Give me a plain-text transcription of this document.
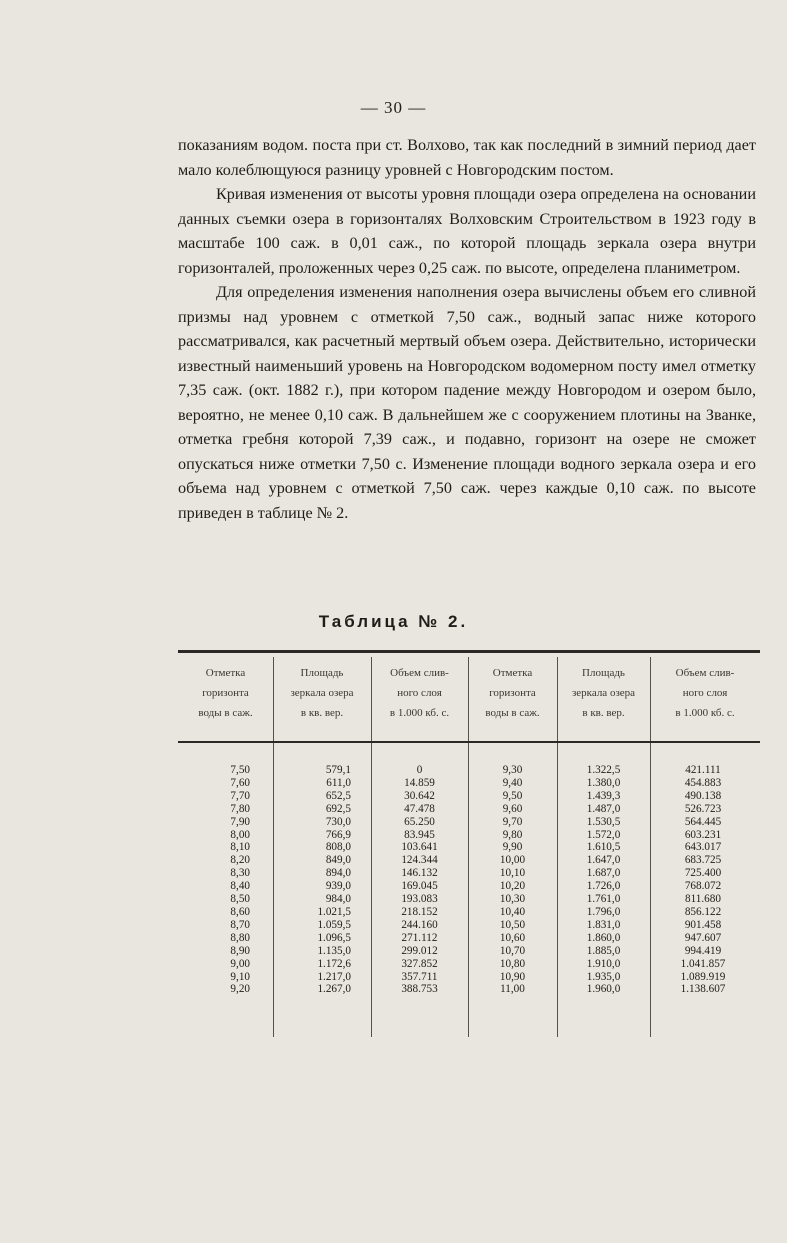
— 30 —

показаниям водом. поста при ст. Волхово, так как последний в зимний период дает мало колеблющуюся разницу уровней с Новгородским постом.

Кривая изменения от высоты уровня площади озера определена на основании данных съемки озера в горизонталях Волховским Строительством в 1923 году в масштабе 100 саж. в 0,01 саж., по которой площадь зеркала озера внутри горизонталей, проложенных через 0,25 саж. по высоте, определена планиметром.

Для определения изменения наполнения озера вычислены объем его сливной призмы над уровнем с отметкой 7,50 саж., водный запас ниже которого рассматривался, как расчетный мертвый объем озера. Действительно, исторически известный наименьший уровень на Новгородском водомерном посту имел отметку 7,35 саж. (окт. 1882 г.), при котором падение между Новгородом и озером было, вероятно, не менее 0,10 саж. В дальнейшем же с сооружением плотины на Званке, отметка гребня которой 7,39 саж., и подавно, горизонт на озере не сможет опускаться ниже отметки 7,50 с. Изменение площади водного зеркала озера и его объема над уровнем с отметкой 7,50 саж. через каждые 0,10 саж. по высоте приведен в таблице № 2.

Таблица № 2.
Отметка
горизонта
воды в саж.
Площадь
зеркала озера
в кв. вер.
Объем слив-
ного слоя
в 1.000 кб. с.
Отметка
горизонта
воды в саж.
Площадь
зеркала озера
в кв. вер.
Объем слив-
ного слоя
в 1.000 кб. с.
7,50
7,60
7,70
7,80
7,90
8,00
8,10
8,20
8,30
8,40
8,50
8,60
8,70
8,80
8,90
9,00
9,10
9,20
579,1
611,0
652,5
692,5
730,0
766,9
808,0
849,0
894,0
939,0
984,0
1.021,5
1.059,5
1.096,5
1.135,0
1.172,6
1.217,0
1.267,0
0
14.859
30.642
47.478
65.250
83.945
103.641
124.344
146.132
169.045
193.083
218.152
244.160
271.112
299.012
327.852
357.711
388.753
9,30
9,40
9,50
9,60
9,70
9,80
9,90
10,00
10,10
10,20
10,30
10,40
10,50
10,60
10,70
10,80
10,90
11,00
1.322,5
1.380,0
1.439,3
1.487,0
1.530,5
1.572,0
1.610,5
1.647,0
1.687,0
1.726,0
1.761,0
1.796,0
1.831,0
1.860,0
1.885,0
1.910,0
1.935,0
1.960,0
421.111
454.883
490.138
526.723
564.445
603.231
643.017
683.725
725.400
768.072
811.680
856.122
901.458
947.607
994.419
1.041.857
1.089.919
1.138.607
